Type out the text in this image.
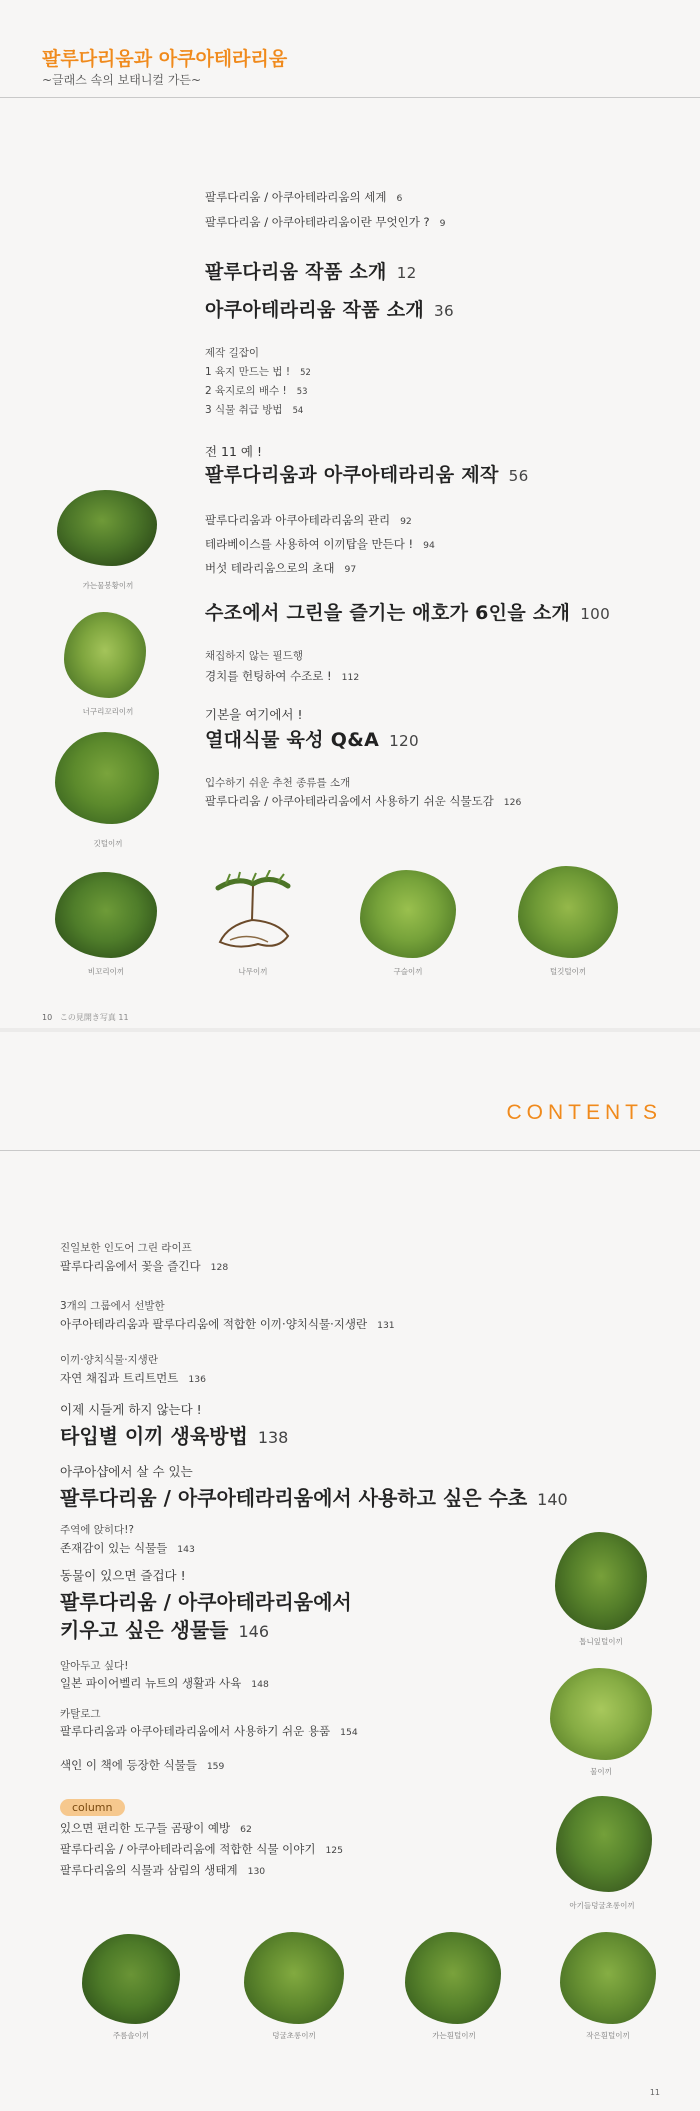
팔루다리움과 아쿠아테라리움
~글래스 속의 보태니컬 가든~
팔루다리움 / 아쿠아테라리움의 세계 6
팔루다리움 / 아쿠아테라리움이란 무엇인가 ? 9
팔루다리움 작품 소개 12
아쿠아테라리움 작품 소개 36
제작 길잡이
1 육지 만드는 법 ! 52
2 육지로의 배수 ! 53
3 식물 취급 방법 54
전 11 예 !
팔루다리움과 아쿠아테라리움 제작 56
팔루다리움과 아쿠아테라리움의 관리 92
테라베이스를 사용하여 이끼탑을 만든다 ! 94
버섯 테라리움으로의 초대 97
수조에서 그린을 즐기는 애호가 6인을 소개 100
채집하지 않는 필드행
경치를 헌팅하여 수조로 ! 112
기본을 여기에서 !
열대식물 육성 Q&A 120
입수하기 쉬운 추천 종류를 소개
팔루다리움 / 아쿠아테라리움에서 사용하기 쉬운 식물도감 126
가는물봉황이끼
너구리꼬리이끼
깃털이끼
비꼬리이끼	나무이끼	구슬이끼	털깃털이끼
10 この見開き写真 11
CONTENTS
진일보한 인도어 그린 라이프
팔루다리움에서 꽃을 즐긴다 128
3개의 그룹에서 선발한
아쿠아테라리움과 팔루다리움에 적합한 이끼·양치식물·지생란 131
이끼·양치식물·지생란
자연 채집과 트리트먼트 136
이제 시들게 하지 않는다 !
타입별 이끼 생육방법 138
아쿠아샵에서 살 수 있는
팔루다리움 / 아쿠아테라리움에서 사용하고 싶은 수초 140
주역에 앉히다!?
존재감이 있는 식물들 143
동물이 있으면 즐겁다 !
팔루다리움 / 아쿠아테라리움에서
키우고 싶은 생물들 146
알아두고 싶다!
일본 파이어벨리 뉴트의 생활과 사육 148
카탈로그
팔루다리움과 아쿠아테라리움에서 사용하기 쉬운 용품 154
색인 이 책에 등장한 식물들 159
column
있으면 편리한 도구들 곰팡이 예방 62
팔루다리움 / 아쿠아테라리움에 적합한 식물 이야기 125
팔루다리움의 식물과 삼림의 생태계 130
톱니잎털이끼
물이끼
아기들덩굴초롱이끼
주름솔이끼	덩굴초롱이끼	가는흰털이끼	작은흰털이끼
11
